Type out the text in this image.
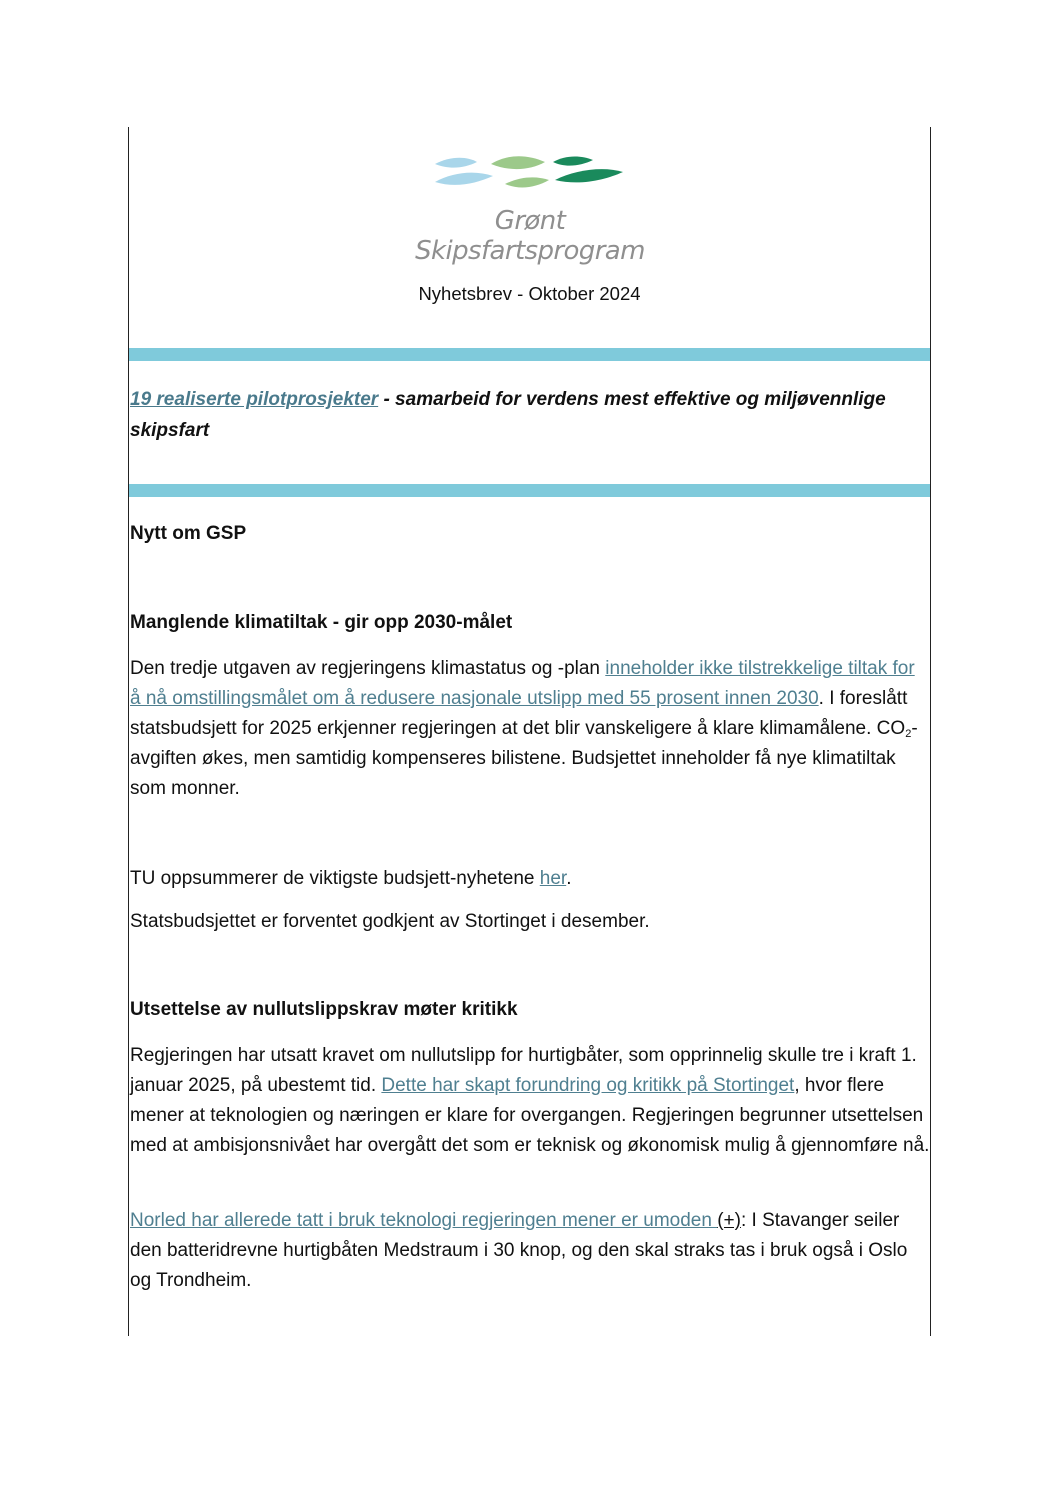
Grønt Skipsfartsprogram
Nyhetsbrev - Oktober 2024
19 realiserte pilotprosjekter - samarbeid for verdens mest effektive og miljøvennlige skipsfart
Nytt om GSP
Manglende klimatiltak - gir opp 2030-målet
Den tredje utgaven av regjeringens klimastatus og -plan inneholder ikke tilstrekkelige tiltak for å nå omstillingsmålet om å redusere nasjonale utslipp med 55 prosent innen 2030. I foreslått statsbudsjett for 2025 erkjenner regjeringen at det blir vanskeligere å klare klimamålene. $CO_2$-avgiften økes, men samtidig kompenseres bilistene. Budsjettet inneholder få nye klimatiltak som monner.
TU oppsummerer de viktigste budsjett-nyhetene her.
Statsbudsjettet er forventet godkjent av Stortinget i desember.
Utsettelse av nullutslippskrav møter kritikk
Regjeringen har utsatt kravet om nullutslipp for hurtigbåter, som opprinnelig skulle tre i kraft 1. januar 2025, på ubestemt tid. Dette har skapt forundring og kritikk på Stortinget, hvor flere mener at teknologien og næringen er klare for overgangen. Regjeringen begrunner utsettelsen med at ambisjonsnivået har overgått det som er teknisk og økonomisk mulig å gjennomføre nå.
Norled har allerede tatt i bruk teknologi regjeringen mener er umoden (+): I Stavanger seiler den batteridrevne hurtigbåten Medstraum i 30 knop, og den skal straks tas i bruk også i Oslo og Trondheim.
